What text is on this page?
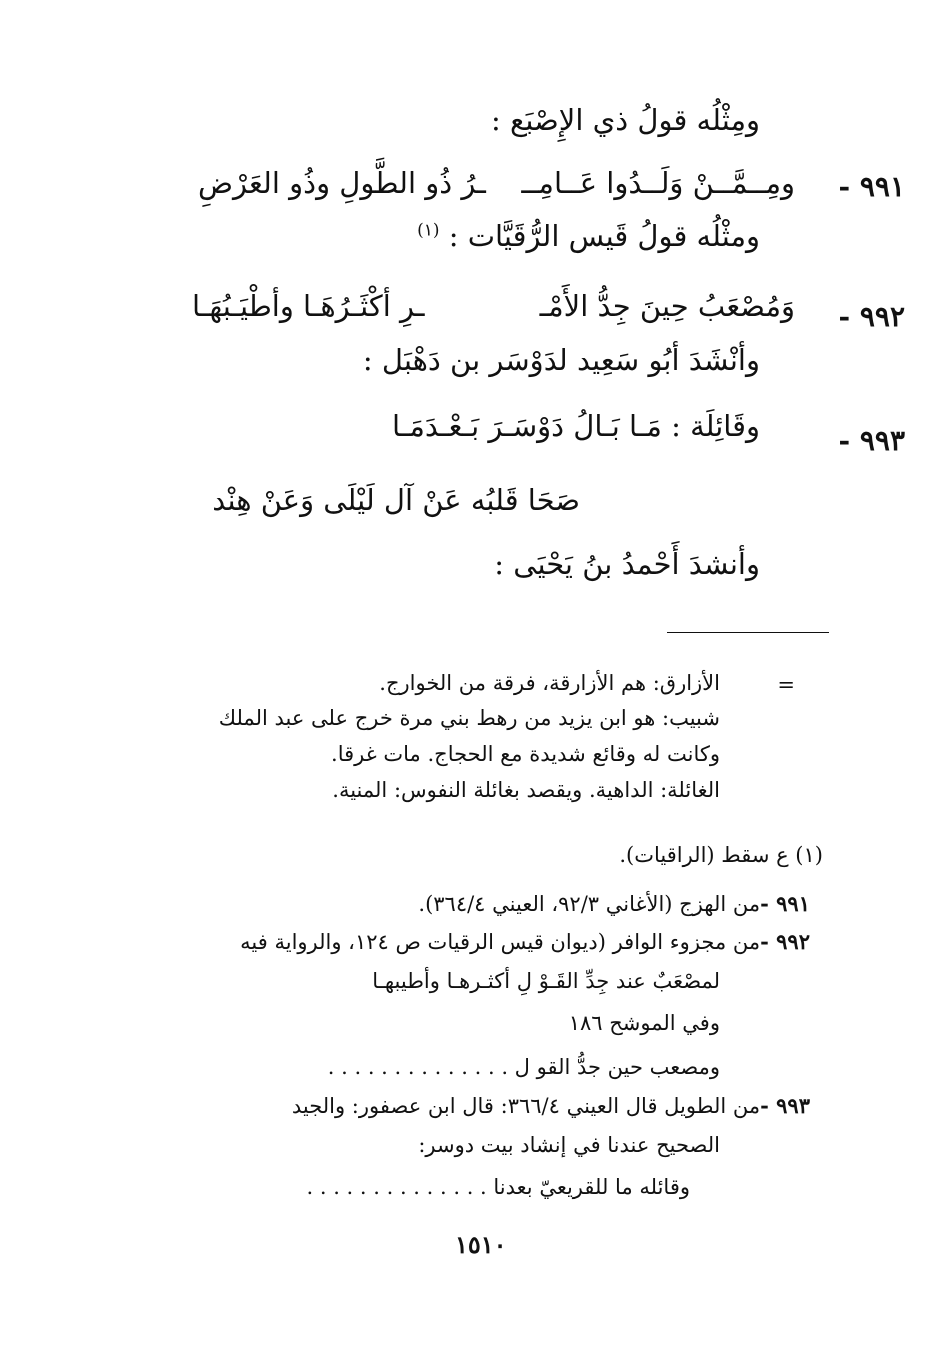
ومِثْلُه قولُ ذي الإِصْبَع :
٩٩١ -
ومِــمَّــنْ وَلَــدُوا عَــامِــ
ـرُ ذُو الطَّولِ وذُو العَرْضِ
ومثْلُه قولُ قَيس الرُّقَيَّات : $^{(١)}$
٩٩٢ -
وَمُصْعَبُ حِينَ جِدُّ الأَمْـ
ـرِ أكْثَـرُهَـا وأطْيَـبُهَـا
وأنْشَدَ أبُو سَعِيد لدَوْسَر بن دَهْبَل :
٩٩٣ -
وقَائِلَة : مَـا بَـالُ دَوْسَـرَ بَـعْـدَمَـا
صَحَا قَلبُه عَنْ آل لَيْلَى وَعَنْ هِنْد
وأنشدَ أَحْمدُ بنُ يَحْيَى :
=
الأزارق: هم الأزارقة، فرقة من الخوارج.
شبيب: هو ابن يزيد من رهط بني مرة خرج على عبد الملك
وكانت له وقائع شديدة مع الحجاج. مات غرقا.
الغائلة: الداهية. ويقصد بغائلة النفوس: المنية.
(١) ع سقط (الراقيات).
٩٩١ -من الهزج (الأغاني ٩٢/٣، العيني ٣٦٤/٤).
٩٩٢ -من مجزوء الوافر (ديوان قيس الرقيات ص ١٢٤، والرواية فيه
لمصْعَبٌ عند جِدِّ القَـوْ لِ أكثـرهـا وأطيبهـا
وفي الموشح ١٨٦
ومصعب حين جدُّ القو ل . . . . . . . . . . . . . .
٩٩٣ -من الطويل قال العيني ٣٦٦/٤: قال ابن عصفور: والجيد
الصحيح عندنا في إنشاد بيت دوسر:
وقائله ما للقريعيّ بعدنا . . . . . . . . . . . . . .
١٥١٠
